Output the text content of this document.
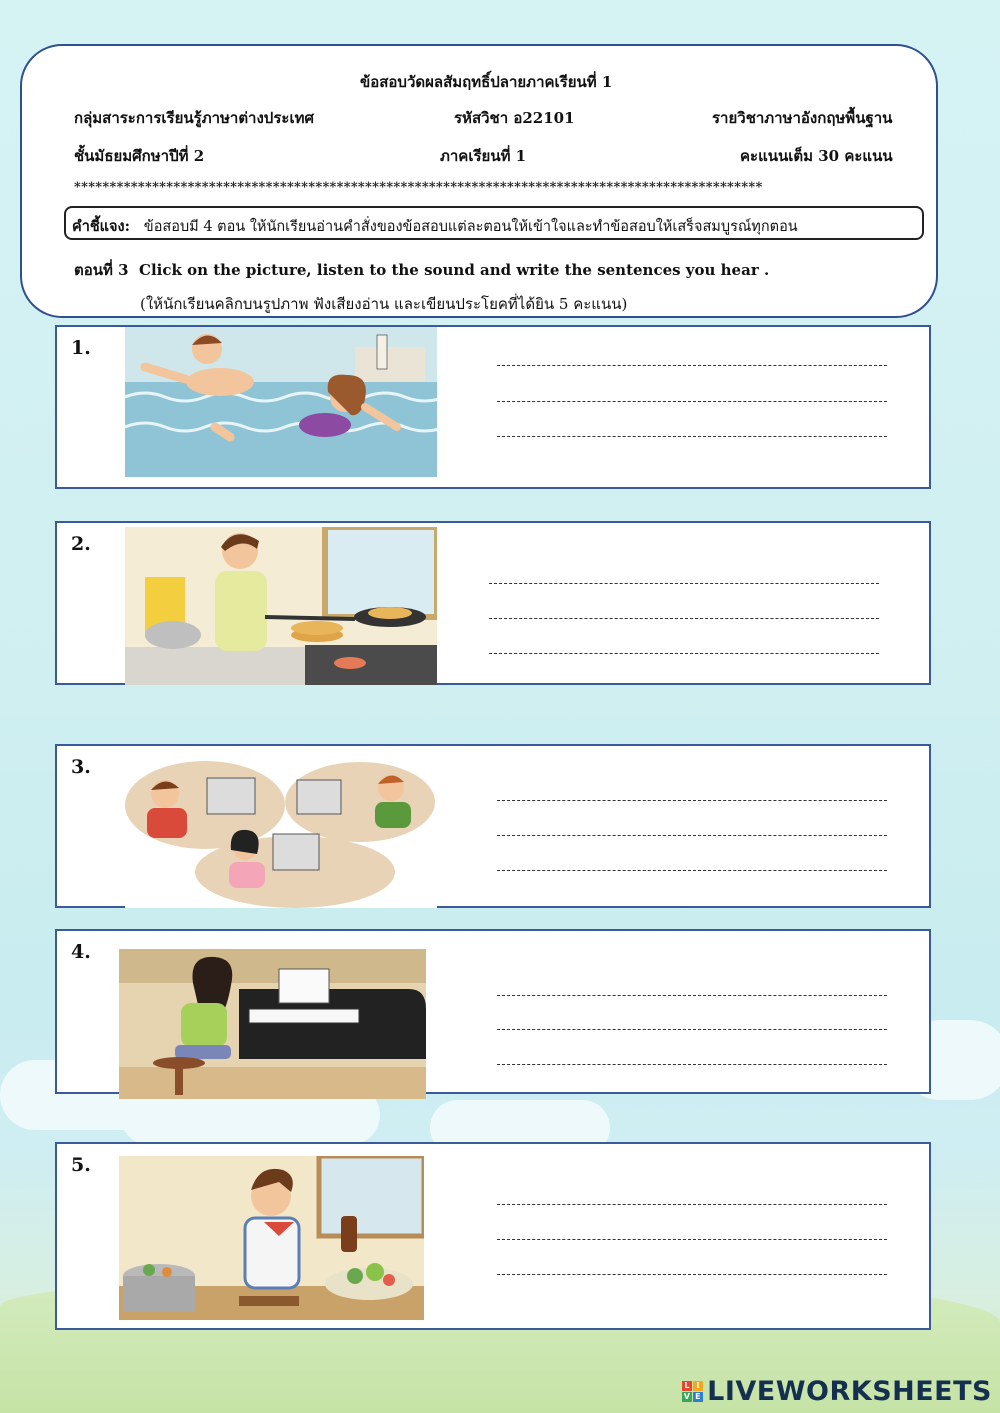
ข้อสอบวัดผลสัมฤทธิ์ปลายภาคเรียนที่ 1
กลุ่มสาระการเรียนรู้ภาษาต่างประเทศ	รหัสวิชา อ22101	รายวิชาภาษาอังกฤษพื้นฐาน
ชั้นมัธยมศึกษาปีที่ 2	ภาคเรียนที่ 1	คะแนนเต็ม 30 คะแนน
*************************************************************************************************
คำชี้แจง: ข้อสอบมี 4 ตอน ให้นักเรียนอ่านคำสั่งของข้อสอบแต่ละตอนให้เข้าใจและทำข้อสอบให้เสร็จสมบูรณ์ทุกตอน
ตอนที่ 3 Click on the picture, listen to the sound and write the sentences you hear .
(ให้นักเรียนคลิกบนรูปภาพ ฟังเสียงอ่าน และเขียนประโยคที่ได้ยิน 5 คะแนน)
1.
2.
3.
4.
5.
L I
V E LIVEWORKSHEETS
